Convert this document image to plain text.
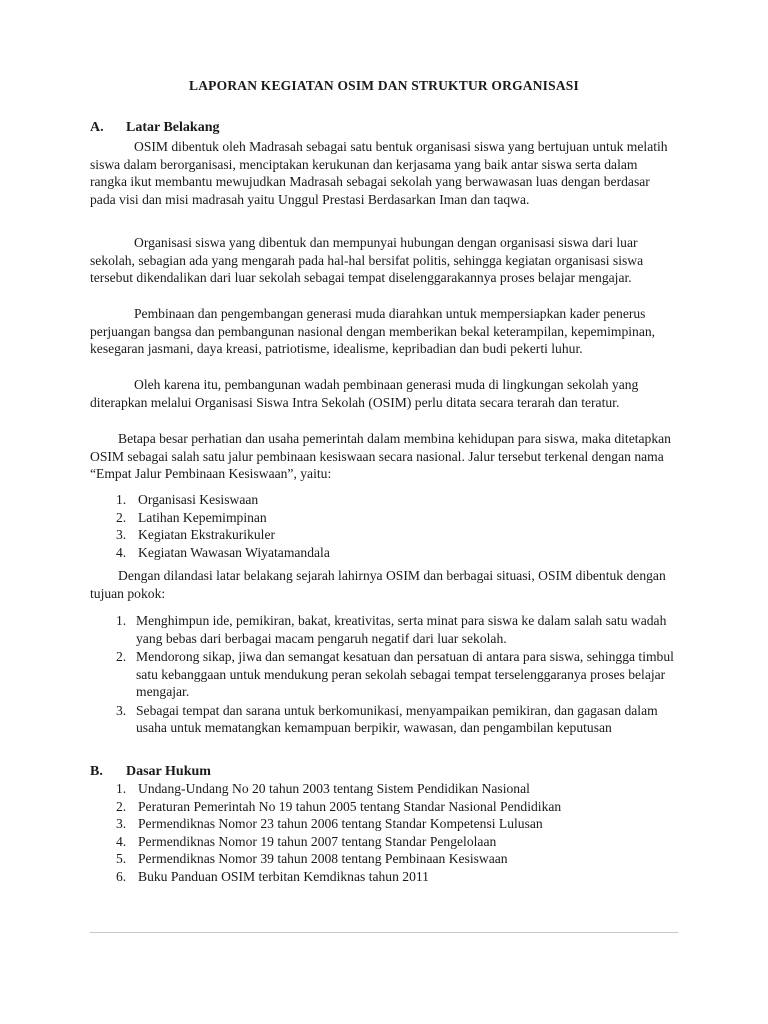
LAPORAN KEGIATAN OSIM DAN STRUKTUR ORGANISASI
A. Latar Belakang

OSIM dibentuk oleh Madrasah sebagai satu bentuk organisasi siswa yang bertujuan untuk melatih siswa dalam berorganisasi, menciptakan kerukunan dan kerjasama yang baik antar siswa serta dalam rangka ikut membantu mewujudkan Madrasah sebagai sekolah yang berwawasan luas dengan berdasar pada visi dan misi madrasah yaitu Unggul Prestasi Berdasarkan Iman dan taqwa.

Organisasi siswa yang dibentuk dan mempunyai hubungan dengan organisasi siswa dari luar sekolah, sebagian ada yang mengarah pada hal-hal bersifat politis, sehingga kegiatan organisasi siswa tersebut dikendalikan dari luar sekolah sebagai tempat diselenggarakannya proses belajar mengajar.

Pembinaan dan pengembangan generasi muda diarahkan untuk mempersiapkan kader penerus perjuangan bangsa dan pembangunan nasional dengan memberikan bekal keterampilan, kepemimpinan, kesegaran jasmani, daya kreasi, patriotisme, idealisme, kepribadian dan budi pekerti luhur.

Oleh karena itu, pembangunan wadah pembinaan generasi muda di lingkungan sekolah yang diterapkan melalui Organisasi Siswa Intra Sekolah (OSIM) perlu ditata secara terarah dan teratur.

Betapa besar perhatian dan usaha pemerintah dalam membina kehidupan para siswa, maka ditetapkan OSIM sebagai salah satu jalur pembinaan kesiswaan secara nasional. Jalur tersebut terkenal dengan nama “Empat Jalur Pembinaan Kesiswaan”, yaitu:

1. Organisasi Kesiswaan
2. Latihan Kepemimpinan
3. Kegiatan Ekstrakurikuler
4. Kegiatan Wawasan Wiyatamandala

Dengan dilandasi latar belakang sejarah lahirnya OSIM dan berbagai situasi, OSIM dibentuk dengan tujuan pokok:

1. Menghimpun ide, pemikiran, bakat, kreativitas, serta minat para siswa ke dalam salah satu wadah yang bebas dari berbagai macam pengaruh negatif dari luar sekolah.
2. Mendorong sikap, jiwa dan semangat kesatuan dan persatuan di antara para siswa, sehingga timbul satu kebanggaan untuk mendukung peran sekolah sebagai tempat terselenggaranya proses belajar mengajar.
3. Sebagai tempat dan sarana untuk berkomunikasi, menyampaikan pemikiran, dan gagasan dalam usaha untuk mematangkan kemampuan berpikir, wawasan, dan pengambilan keputusan
B. Dasar Hukum
1. Undang-Undang No 20 tahun 2003 tentang Sistem Pendidikan Nasional
2. Peraturan Pemerintah No 19 tahun 2005 tentang Standar Nasional Pendidikan
3. Permendiknas Nomor 23 tahun 2006 tentang Standar Kompetensi Lulusan
4. Permendiknas Nomor 19 tahun 2007 tentang Standar Pengelolaan
5. Permendiknas Nomor 39 tahun 2008 tentang Pembinaan Kesiswaan
6. Buku Panduan OSIM terbitan Kemdiknas tahun 2011
